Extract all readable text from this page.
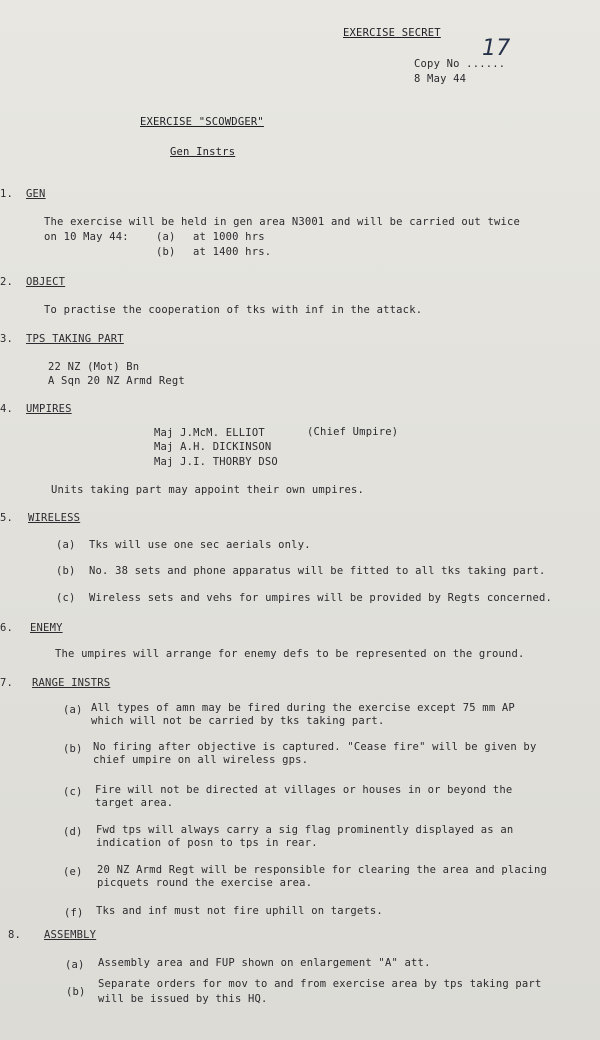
EXERCISE SECRET
Copy No ......
17
8 May 44
EXERCISE "SCOWDGER"
Gen Instrs
1. GEN
The exercise will be held in gen area N3001 and will be carried out twice
on 10 May 44:	(a) at 1000 hrs
(b) at 1400 hrs.
2. OBJECT
To practise the cooperation of tks with inf in the attack.
3. TPS TAKING PART
22 NZ (Mot) Bn
A Sqn 20 NZ Armd Regt
4. UMPIRES
Maj J.McM. ELLIOT	(Chief Umpire)
Maj A.H. DICKINSON
Maj J.I. THORBY DSO
Units taking part may appoint their own umpires.
5. WIRELESS
(a) Tks will use one sec aerials only.
(b) No. 38 sets and phone apparatus will be fitted to all tks taking part.
(c) Wireless sets and vehs for umpires will be provided by Regts concerned.
6. ENEMY
The umpires will arrange for enemy defs to be represented on the ground.
7. RANGE INSTRS
(a) All types of amn may be fired during the exercise except 75 mm AP
which will not be carried by tks taking part.
(b) No firing after objective is captured. "Cease fire" will be given by
chief umpire on all wireless gps.
(c) Fire will not be directed at villages or houses in or beyond the
target area.
(d) Fwd tps will always carry a sig flag prominently displayed as an
indication of posn to tps in rear.
(e) 20 NZ Armd Regt will be responsible for clearing the area and placing
picquets round the exercise area.
(f) Tks and inf must not fire uphill on targets.
8. ASSEMBLY
(a) Assembly area and FUP shown on enlargement "A" att.
(b)
Separate orders for mov to and from exercise area by tps taking part
will be issued by this HQ.
